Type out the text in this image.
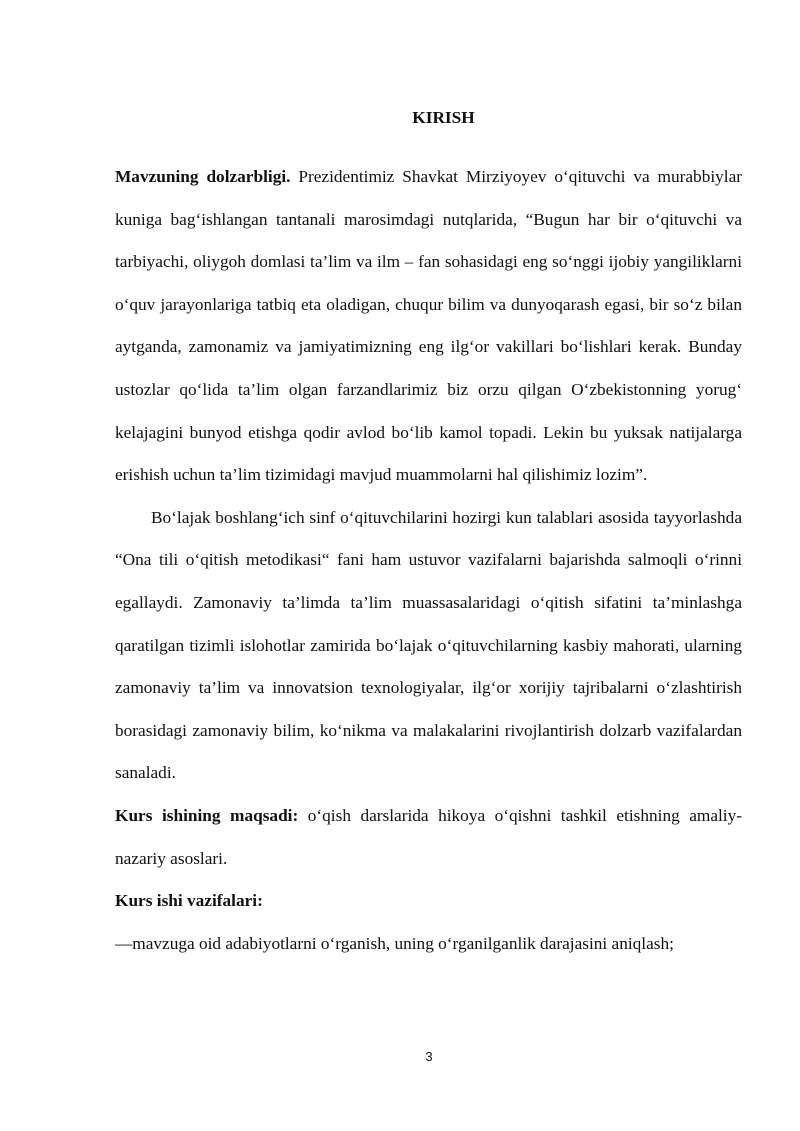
KIRISH

Mavzuning dolzarbligi. Prezidentimiz Shavkat Mirziyoyev o‘qituvchi va murabbiylar kuniga bag‘ishlangan tantanali marosimdagi nutqlarida, “Bugun har bir o‘qituvchi va tarbiyachi, oliygoh domlasi ta’lim va ilm – fan sohasidagi eng so‘nggi ijobiy yangiliklarni o‘quv jarayonlariga tatbiq eta oladigan, chuqur bilim va dunyoqarash egasi, bir so‘z bilan aytganda, zamonamiz va jamiyatimizning eng ilg‘or vakillari bo‘lishlari kerak. Bunday ustozlar qo‘lida ta’lim olgan farzandlarimiz biz orzu qilgan O‘zbekistonning yorug‘ kelajagini bunyod etishga qodir avlod bo‘lib kamol topadi. Lekin bu yuksak natijalarga erishish uchun ta’lim tizimidagi mavjud muammolarni hal qilishimiz lozim”.

Bo‘lajak boshlang‘ich sinf o‘qituvchilarini hozirgi kun talablari asosida tayyorlashda “Ona tili o‘qitish metodikasi“ fani ham ustuvor vazifalarni bajarishda salmoqli o‘rinni egallaydi. Zamonaviy ta’limda ta’lim muassasalaridagi o‘qitish sifatini ta’minlashga qaratilgan tizimli islohotlar zamirida bo‘lajak o‘qituvchilarning kasbiy mahorati, ularning zamonaviy ta’lim va innovatsion texnologiyalar, ilg‘or xorijiy tajribalarni o‘zlashtirish borasidagi zamonaviy bilim, ko‘nikma va malakalarini rivojlantirish dolzarb vazifalardan sanaladi.

Kurs ishining maqsadi: o‘qish darslarida hikoya o‘qishni tashkil etishning amaliy-nazariy asoslari.

Kurs ishi vazifalari:

—mavzuga oid adabiyotlarni o‘rganish, uning o‘rganilganlik darajasini aniqlash;

3
